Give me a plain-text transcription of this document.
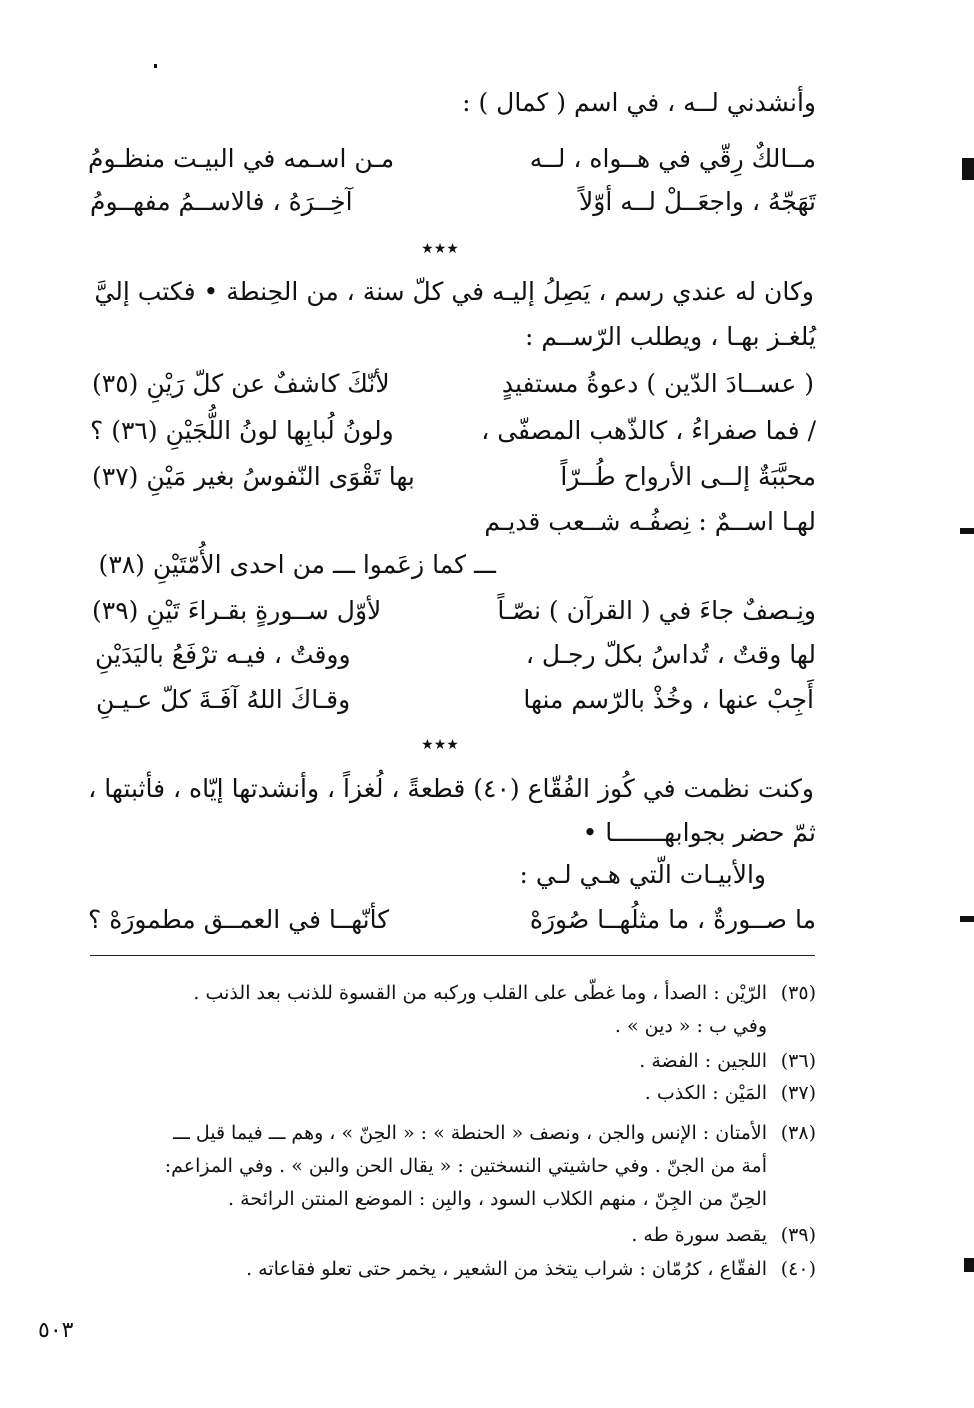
وأنشدني لــه ، في اسم ( كمال ) :
مــالكٌ رِقّي في هــواه ، لــه
مـن اسـمه في البيـت منظـومُ
تَهَجّهُ ، واجعَــلْ لــه أوّلاً
آخِــرَهُ ، فالاســمُ مفهــومُ
★★★
وكان له عندي رسم ، يَصِلُ إليـه في كلّ سنة ، من الحِنطة • فكتب إليَّ
يُلغـز بهـا ، ويطلب الرّســم :
( عســادَ الدّين ) دعوةُ مستفيدٍ
لأنّكَ كاشفٌ عن كلّ رَيْنِ (٣٥)
/ فما صفراءُ ، كالذّهب المصفّى ،
ولونُ لُبابِها لونُ اللُّجَيْنِ (٣٦) ؟
محبَّبَةٌ إلــى الأرواح طُــرّاً
بها تَقْوَى النّفوسُ بغير مَيْنِ (٣٧)
لهـا اســمٌ : نِصفُـه شــعب قديـم
ـــ كما زعَموا ـــ من احدى الأُمّتَيْنِ (٣٨)
ونِـصفٌ جاءَ في ( القرآن ) نصّـاً
لأوّل ســورةٍ بقـراءَ تَيْنِ (٣٩)
لها وقتٌ ، تُداسُ بكلّ رجـل ،
ووقتٌ ، فيـه ترْفَعُ باليَدَيْنِ
أَجِبْ عنها ، وخُذْ بالرّسم منها
وقـاكَ اللهُ آفَـةَ كلّ عـيـنِ
★★★
وكنت نظمت في كُوز الفُقّاع (٤٠) قطعةً ، لُغزاً ، وأنشدتها إيّاه ، فأثبتها ،
ثمّ حضر بجوابهـــــــا •
والأبيـات الّتي هـي لـي :
ما صــورةٌ ، ما مثلُهــا صُورَهْ
كأنّهــا في العمــق مطمورَهْ ؟
(٣٥)
الرّيْن : الصدأ ، وما غطّى على القلب وركبه من القسوة للذنب بعد الذنب .
وفي ب : « دين » .
(٣٦)
اللجين : الفضة .
(٣٧)
المَيْن : الكذب .
(٣٨)
الأمتان : الإنس والجن ، ونصف « الحنطة » : « الحِنّ » ، وهم ـــ فيما قيل ـــ
أمة من الجنّ . وفي حاشيتي النسختين : « يقال الحن والبن » . وفي المزاعم:
الحِنّ من الجِنّ ، منهم الكلاب السود ، والبِن : الموضع المنتن الرائحة .
(٣٩)
يقصد سورة طه .
(٤٠)
الفقّاع ، كرُمّان : شراب يتخذ من الشعير ، يخمر حتى تعلو فقاعاته .
٥٠٣
